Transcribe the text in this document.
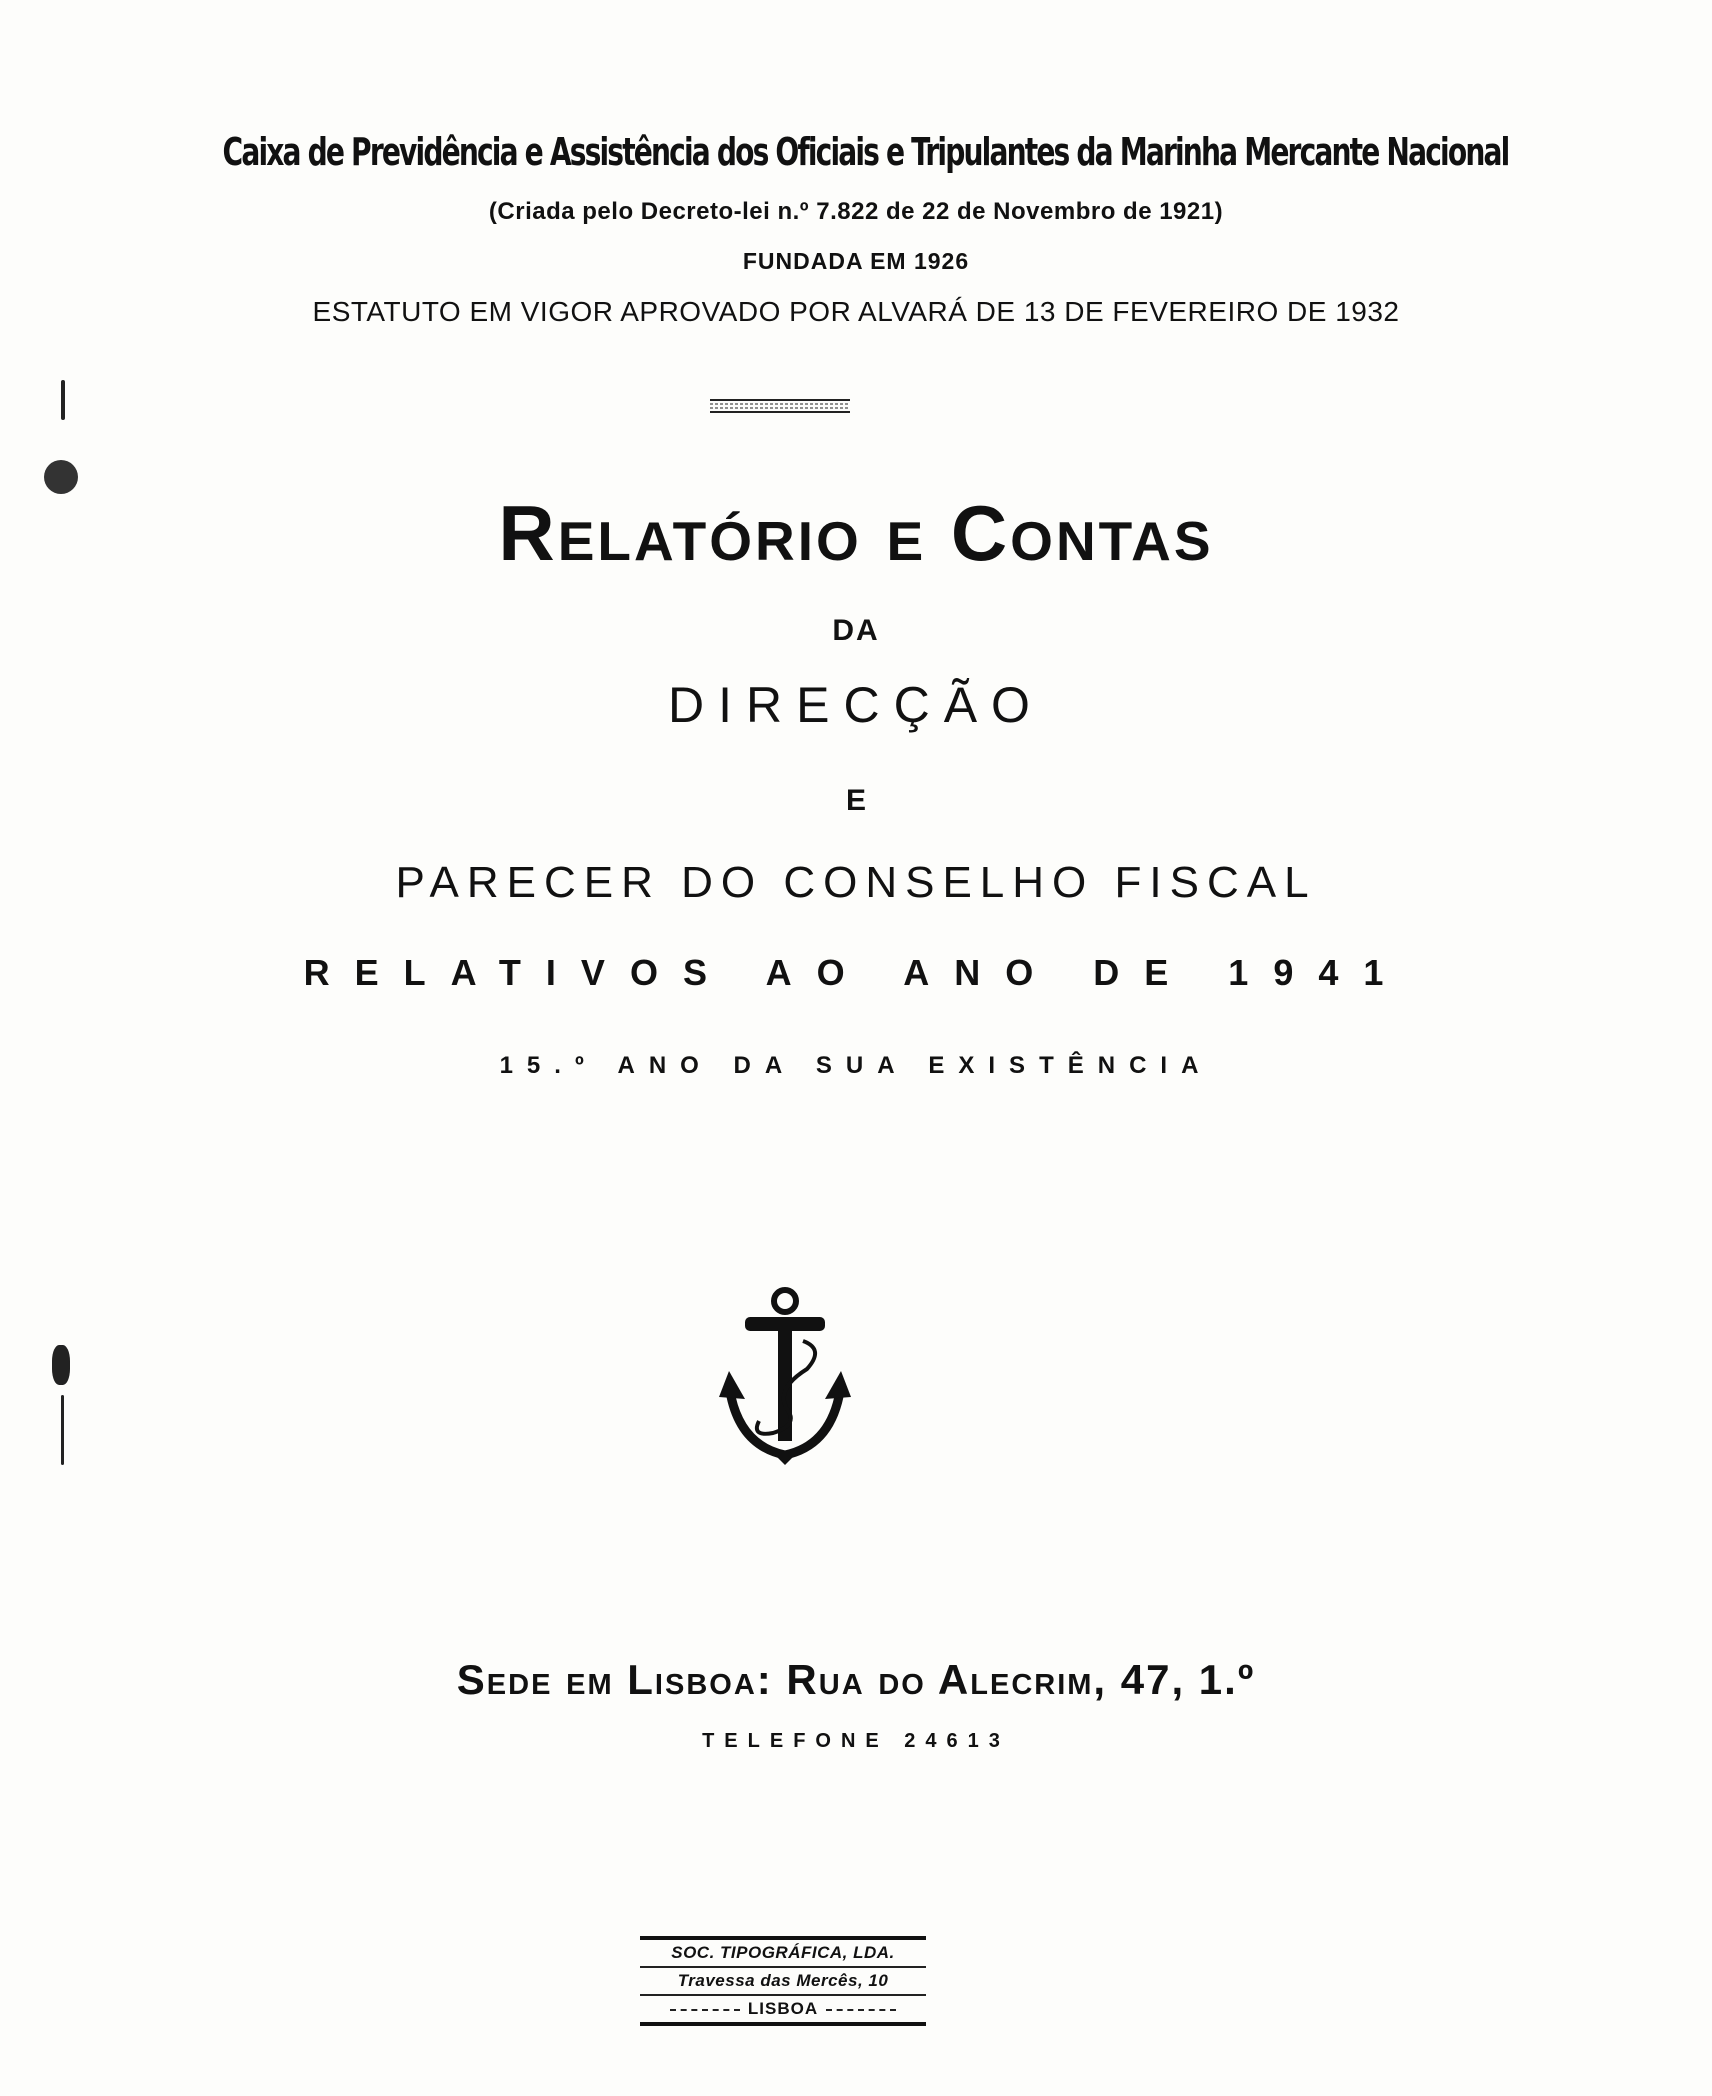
Caixa de Previdência e Assistência dos Oficiais e Tripulantes da Marinha Mercante Nacional
(Criada pelo Decreto-lei n.º 7.822 de 22 de Novembro de 1921)
FUNDADA EM 1926
ESTATUTO EM VIGOR APROVADO POR ALVARÁ DE 13 DE FEVEREIRO DE 1932
Relatório e Contas
DA
DIRECÇÃO
E
PARECER DO CONSELHO FISCAL
RELATIVOS AO ANO DE 1941
15.º ANO DA SUA EXISTÊNCIA
Sede em Lisboa: Rua do Alecrim, 47, 1.º
TELEFONE 24613
SOC. TIPOGRÁFICA, LDA.
Travessa das Mercês, 10
LISBOA
